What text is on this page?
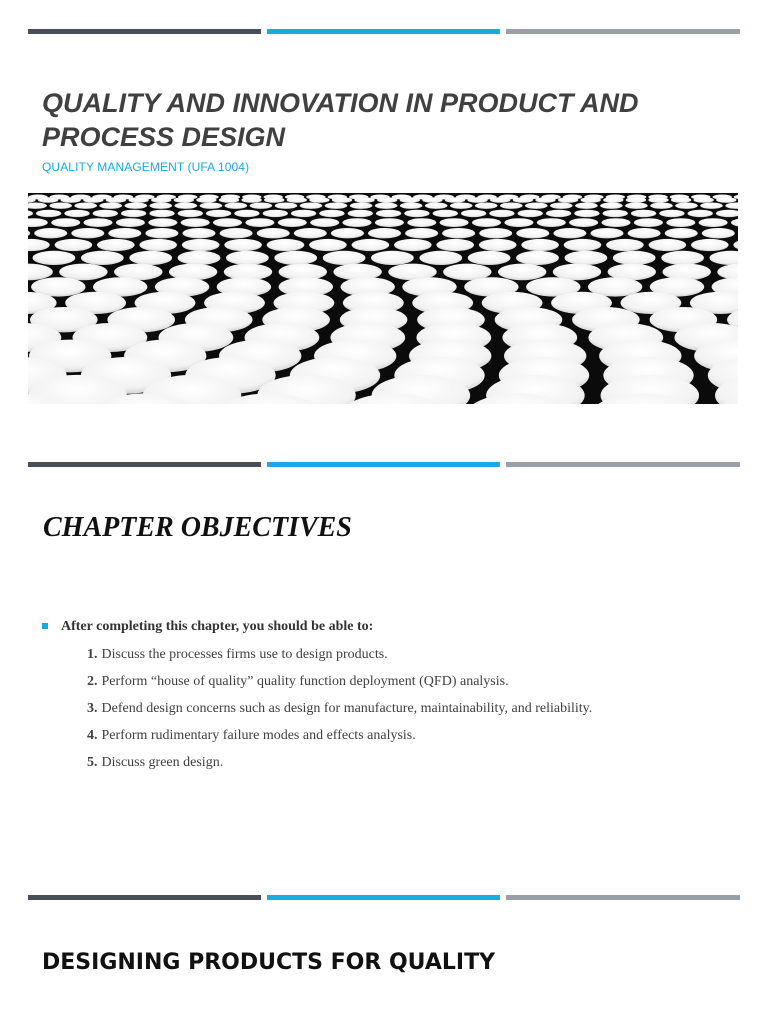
QUALITY AND INNOVATION IN PRODUCT AND PROCESS DESIGN
QUALITY MANAGEMENT (UFA 1004)
CHAPTER OBJECTIVES
After completing this chapter, you should be able to:
1. Discuss the processes firms use to design products.
2. Perform “house of quality” quality function deployment (QFD) analysis.
3. Defend design concerns such as design for manufacture, maintainability, and reliability.
4. Perform rudimentary failure modes and effects analysis.
5. Discuss green design.
DESIGNING PRODUCTS FOR QUALITY
